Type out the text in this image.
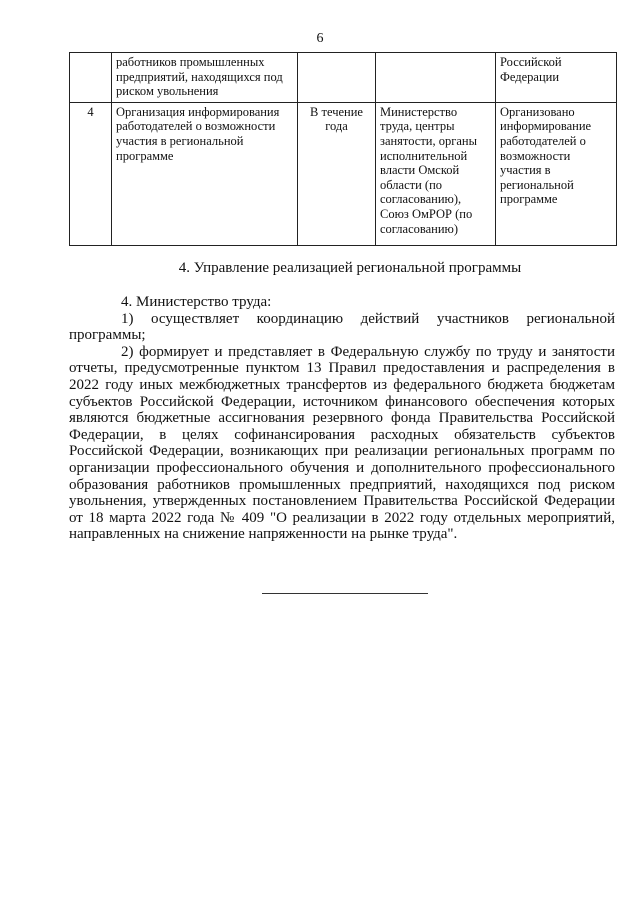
6
	работников промышленных предприятий, находящихся под риском увольнения			Российской Федерации
4	Организация информирования работодателей о возможности участия в региональной программе	В течение года	Министерство труда, центры занятости, органы исполнительной власти Омской области (по согласованию), Союз ОмРОР (по согласованию)	Организовано информирование работодателей о возможности участия в региональной программе
4. Управление реализацией региональной программы

4. Министерство труда:

1) осуществляет координацию действий участников региональной программы;

2) формирует и представляет в Федеральную службу по труду и занятости отчеты, предусмотренные пунктом 13 Правил предоставления и распределения в 2022 году иных межбюджетных трансфертов из федерального бюджета бюджетам субъектов Российской Федерации, источником финансового обеспечения которых являются бюджетные ассигнования резервного фонда Правительства Российской Федерации, в целях софинансирования расходных обязательств субъектов Российской Федерации, возникающих при реализации региональных программ по организации профессионального обучения и дополнительного профессионального образования работников промышленных предприятий, находящихся под риском увольнения, утвержденных постановлением Правительства Российской Федерации от 18 марта 2022 года № 409 "О реализации в 2022 году отдельных мероприятий, направленных на снижение напряженности на рынке труда".
